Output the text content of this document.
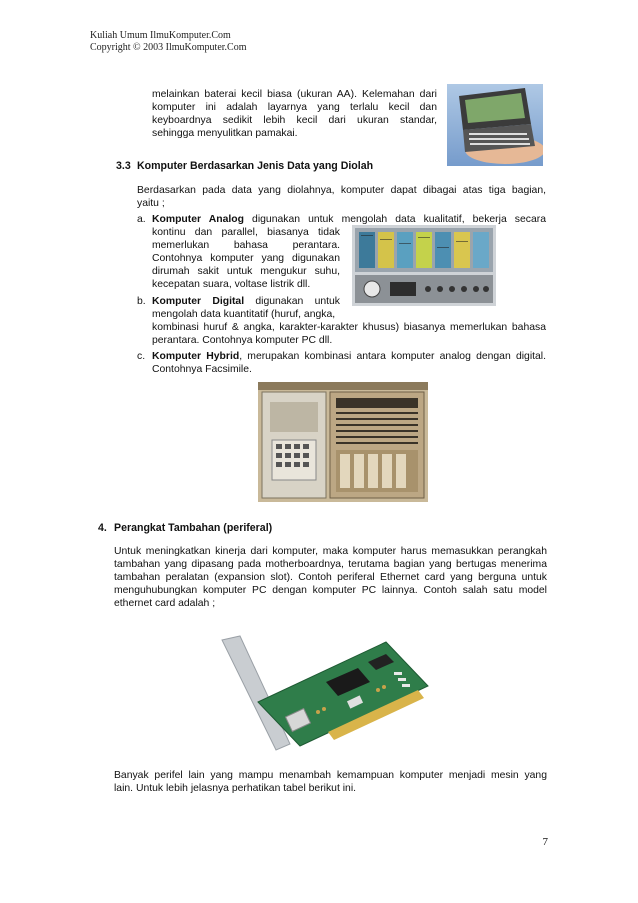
Kuliah Umum IlmuKomputer.Com
Copyright © 2003 IlmuKomputer.Com
melainkan baterai kecil biasa (ukuran AA). Kelemahan dari
komputer ini adalah layarnya yang terlalu kecil dan
keyboardnya sedikit lebih kecil dari ukuran standar,
sehingga menyulitkan pamakai.
3.3 Komputer Berdasarkan Jenis Data yang Diolah
Berdasarkan pada data yang diolahnya, komputer dapat dibagai atas tiga bagian,
yaitu ;
a. Komputer Analog digunakan untuk mengolah data kualitatif, bekerja secara
kontinu dan parallel, biasanya tidak
memerlukan bahasa perantara.
Contohnya komputer yang digunakan
dirumah sakit untuk mengukur suhu,
kecepatan suara, voltase listrik dll.
b. Komputer Digital digunakan untuk
mengolah data kuantitatif (huruf, angka,
kombinasi huruf & angka, karakter-karakter khusus) biasanya memerlukan bahasa
perantara. Contohnya komputer PC dll.
c. Komputer Hybrid, merupakan kombinasi antara komputer analog dengan digital.
Contohnya Facsimile.
4. Perangkat Tambahan (periferal)
Untuk meningkatkan kinerja dari komputer, maka komputer harus memasukkan perangkah
tambahan yang dipasang pada motherboardnya, terutama bagian yang bertugas menerima
tambahan peralatan (expansion slot). Contoh periferal Ethernet card yang berguna untuk
menguhubungkan komputer PC dengan komputer PC lainnya. Contoh salah satu model
ethernet card adalah ;
Banyak perifel lain yang mampu menambah kemampuan komputer menjadi mesin yang
lain. Untuk lebih jelasnya perhatikan tabel berikut ini.
7
